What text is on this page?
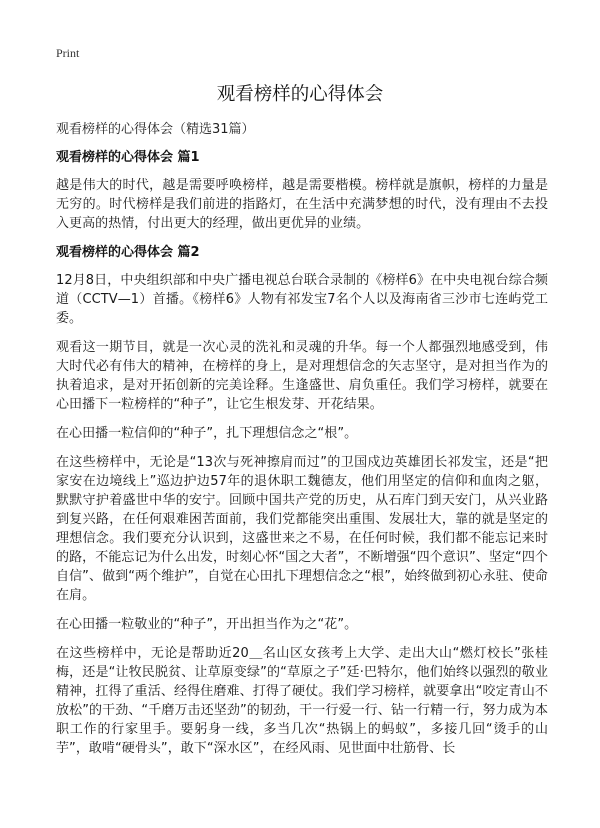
Print
观看榜样的心得体会

观看榜样的心得体会（精选31篇）

观看榜样的心得体会 篇1

越是伟大的时代，越是需要呼唤榜样，越是需要楷模。榜样就是旗帜，榜样的力量是无穷的。时代榜样是我们前进的指路灯，在生活中充满梦想的时代，没有理由不去投入更高的热情，付出更大的经理，做出更优异的业绩。

观看榜样的心得体会 篇2

12月8日，中央组织部和中央广播电视总台联合录制的《榜样6》在中央电视台综合频道（CCTV—1）首播。《榜样6》人物有祁发宝7名个人以及海南省三沙市七连屿党工委。

观看这一期节目，就是一次心灵的洗礼和灵魂的升华。每一个人都强烈地感受到，伟大时代必有伟大的精神，在榜样的身上，是对理想信念的矢志坚守，是对担当作为的执着追求，是对开拓创新的完美诠释。生逢盛世、肩负重任。我们学习榜样，就要在心田播下一粒榜样的“种子”，让它生根发芽、开花结果。

在心田播一粒信仰的“种子”，扎下理想信念之“根”。

在这些榜样中，无论是“13次与死神擦肩而过”的卫国戍边英雄团长祁发宝，还是“把家安在边境线上”巡边护边57年的退休职工魏德友，他们用坚定的信仰和血肉之躯，默默守护着盛世中华的安宁。回顾中国共产党的历史，从石库门到天安门，从兴业路到复兴路，在任何艰难困苦面前，我们党都能突出重围、发展壮大，靠的就是坚定的理想信念。我们要充分认识到，这盛世来之不易，在任何时候，我们都不能忘记来时的路，不能忘记为什么出发，时刻心怀“国之大者”，不断增强“四个意识”、坚定“四个自信”、做到“两个维护”，自觉在心田扎下理想信念之“根”，始终做到初心永驻、使命在肩。

在心田播一粒敬业的“种子”，开出担当作为之“花”。

在这些榜样中，无论是帮助近20＿名山区女孩考上大学、走出大山“燃灯校长”张桂梅，还是“让牧民脱贫、让草原变绿”的“草原之子”廷·巴特尔，他们始终以强烈的敬业精神，扛得了重活、经得住磨难、打得了硬仗。我们学习榜样，就要拿出“咬定青山不放松”的干劲、“千磨万击还坚劲”的韧劲，干一行爱一行、钻一行精一行，努力成为本职工作的行家里手。要躬身一线，多当几次“热锅上的蚂蚁”，多接几回“烫手的山芋”，敢啃“硬骨头”，敢下“深水区”，在经风雨、见世面中壮筋骨、长
